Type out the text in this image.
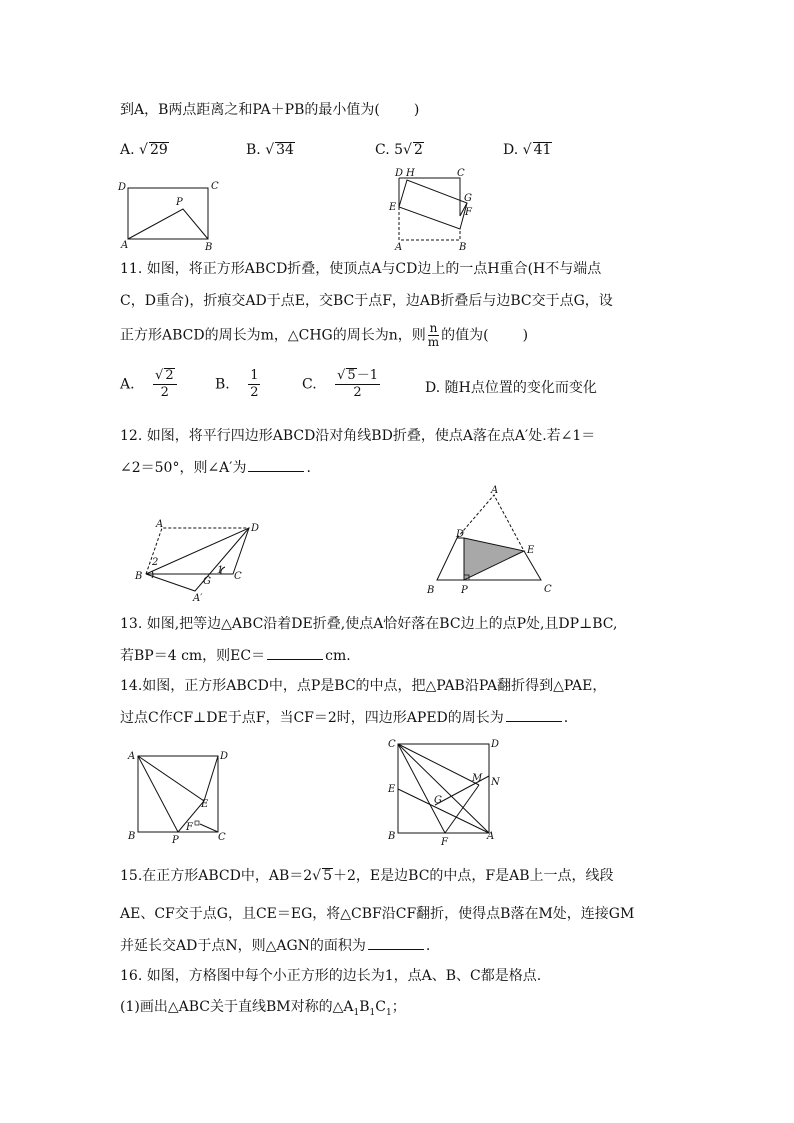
到A，B两点距离之和PA＋PB的最小值为( )
A. √ 29	B. √ 34	C. 5√ 2	D. √ 41
D	C
P
A	B
D H	C
G
E	F
A	B
11. 如图，将正方形ABCD折叠，使顶点A与CD边上的一点H重合(H不与端点
C，D重合)，折痕交AD于点E，交BC于点F，边AB折叠后与边BC交于点G，设
正方形ABCD的周长为m，△CHG的周长为n，则 $\frac{n}{m}$ 的值为( )
A. $\frac{√ 2}{2}$	B. $\frac{1}{2}$	C. $\frac{√ 5-1}{2}$	D. 随H点位置的变化而变化
12. 如图，将平行四边形ABCD沿对角线BD折叠，使点A落在点A′处.若∠1＝
∠2＝50°，则∠A′为	.
A	D
2
1
B	G C
A′
A
D
E
B	P	C
13. 如图,把等边△ABC沿着DE折叠,使点A恰好落在BC边上的点P处,且DP⊥BC,
若BP＝4 cm，则EC＝	cm.
14.如图，正方形ABCD中，点P是BC的中点，把△PAB沿PA翻折得到△PAE，
过点C作CF⊥DE于点F，当CF＝2时，四边形APED的周长为	.
A	D
E
F
B	P	C
C	D
M N
E
G
B
F
A
15.在正方形ABCD中，AB＝2√ 5＋2，E是边BC的中点，F是AB上一点，线段
AE、CF交于点G，且CE＝EG，将△CBF沿CF翻折，使得点B落在M处，连接GM
并延长交AD于点N，则△AGN的面积为	.
16. 如图，方格图中每个小正方形的边长为1，点A、B、C都是格点.
(1)画出△ABC关于直线BM对称的$\triangle A_1B_1C_1$；
